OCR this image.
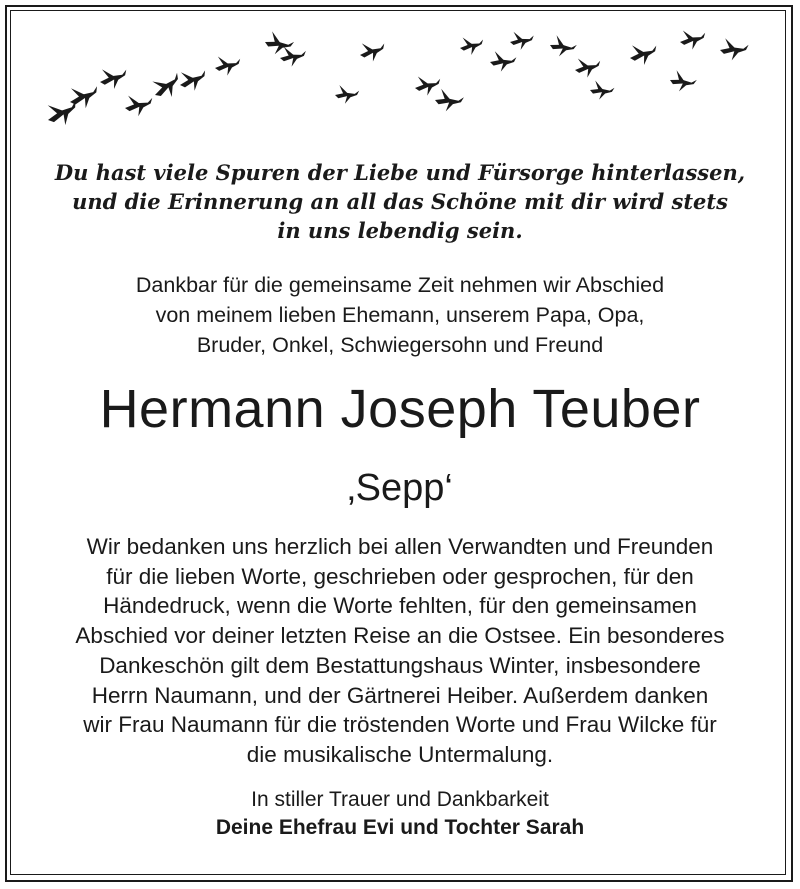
Du hast viele Spuren der Liebe und Fürsorge hinterlassen,
und die Erinnerung an all das Schöne mit dir wird stets
in uns lebendig sein.
Dankbar für die gemeinsame Zeit nehmen wir Abschied
von meinem lieben Ehemann, unserem Papa, Opa,
Bruder, Onkel, Schwiegersohn und Freund
Hermann Joseph Teuber
‚Sepp‘
Wir bedanken uns herzlich bei allen Verwandten und Freunden
für die lieben Worte, geschrieben oder gesprochen, für den
Händedruck, wenn die Worte fehlten, für den gemeinsamen
Abschied vor deiner letzten Reise an die Ostsee. Ein besonderes
Dankeschön gilt dem Bestattungshaus Winter, insbesondere
Herrn Naumann, und der Gärtnerei Heiber. Außerdem danken
wir Frau Naumann für die tröstenden Worte und Frau Wilcke für
die musikalische Untermalung.
In stiller Trauer und Dankbarkeit
Deine Ehefrau Evi und Tochter Sarah
